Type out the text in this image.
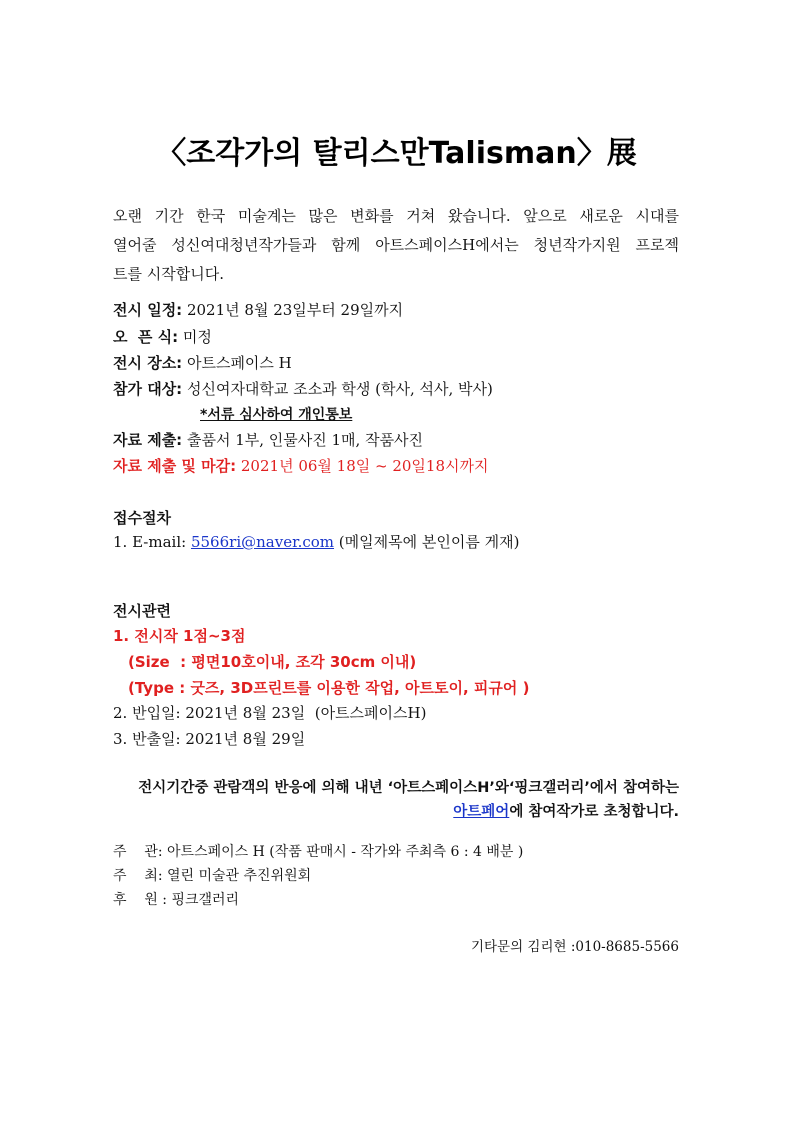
〈조각가의 탈리스만Talisman〉展
오랜 기간 한국 미술계는 많은 변화를 거쳐 왔습니다. 앞으로 새로운 시대를
열어줄 성신여대청년작가들과 함께 아트스페이스H에서는 청년작가지원 프로젝
트를 시작합니다.
전시 일정: 2021년 8월 23일부터 29일까지
오  픈 식: 미정
전시 장소: 아트스페이스 H
참가 대상: 성신여자대학교 조소과 학생 (학사, 석사, 박사)
*서류 심사하여 개인통보
자료 제출: 출품서 1부, 인물사진 1매, 작품사진
자료 제출 및 마감: 2021년 06월 18일 ~ 20일18시까지
접수절차
1. E-mail: 5566ri@naver.com (메일제목에 본인이름 게재)
전시관련
1. 전시작 1점~3점
(Size  : 평면10호이내, 조각 30cm 이내)
(Type : 굿즈, 3D프린트를 이용한 작업, 아트토이, 피규어 )
2. 반입일: 2021년 8월 23일  (아트스페이스H)
3. 반출일: 2021년 8월 29일
전시기간중 관람객의 반응에 의해 내년 ‘아트스페이스H’와‘핑크갤러리’에서 참여하는
아트페어에 참여작가로 초청합니다.
주    관: 아트스페이스 H (작품 판매시 - 작가와 주최측 6 : 4 배분 )
주    최: 열린 미술관 추진위원회
후    원 : 핑크갤러리
기타문의 김리현 :010-8685-5566
